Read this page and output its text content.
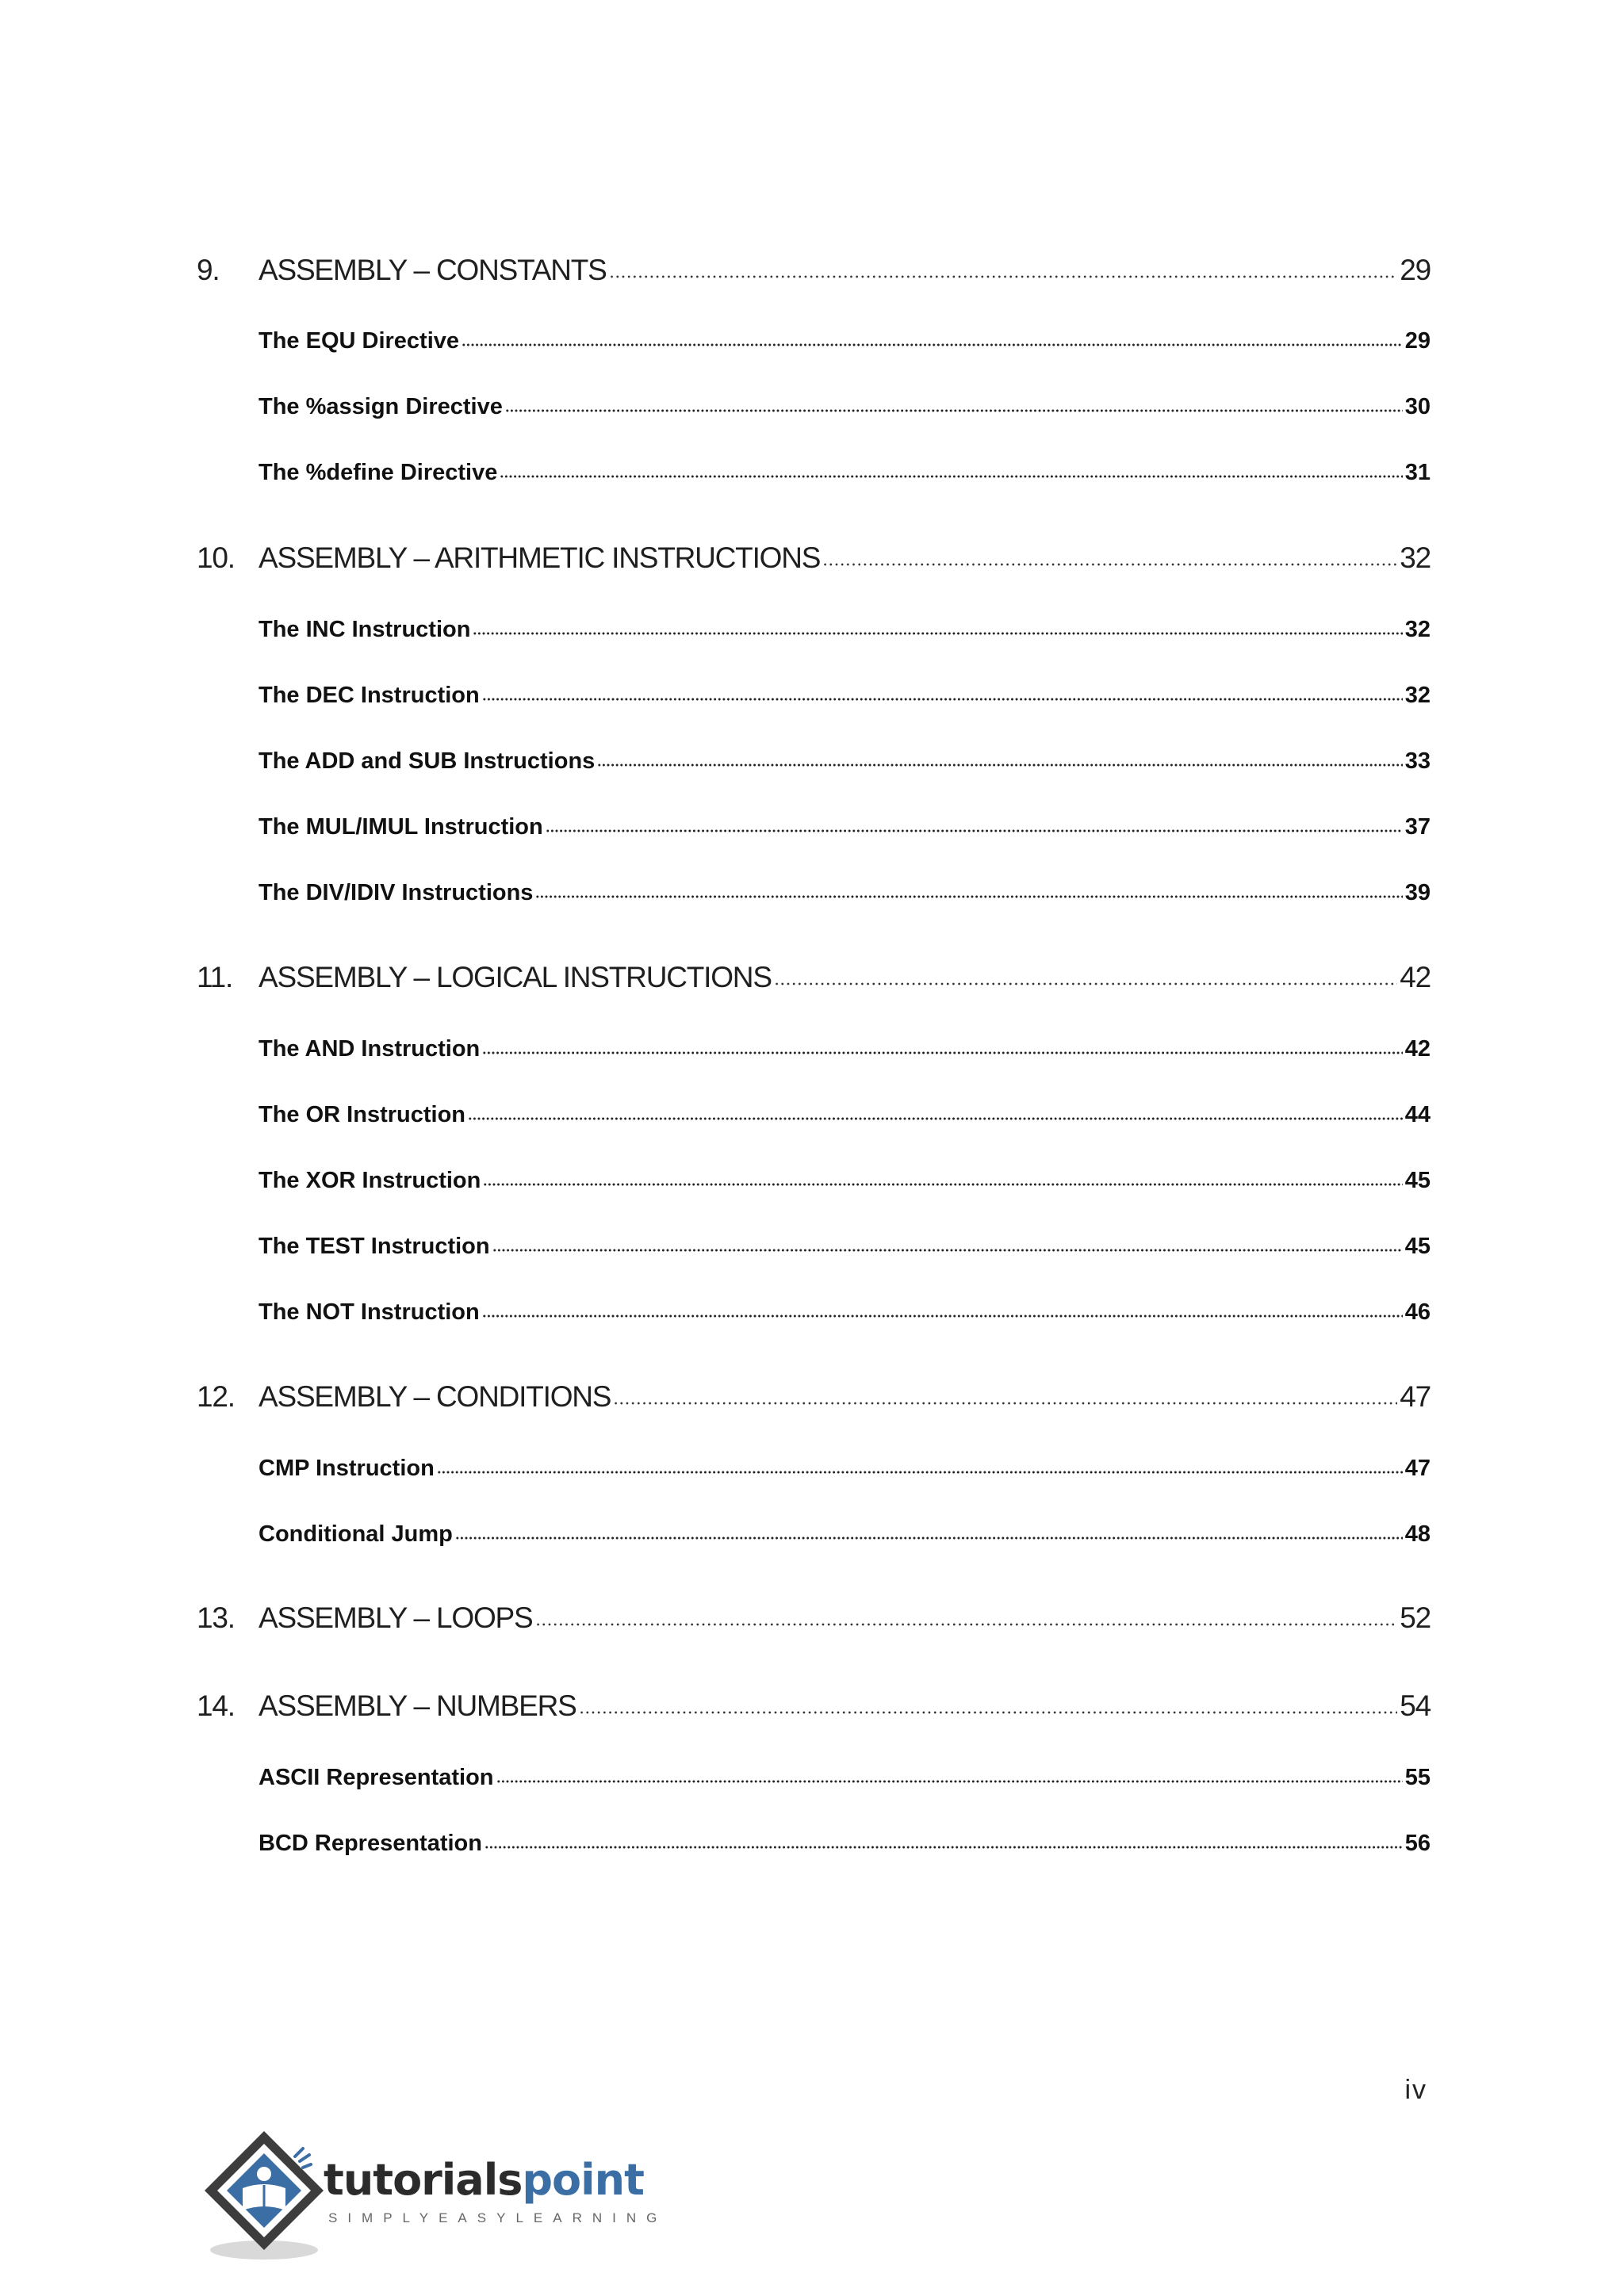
9.	ASSEMBLY – CONSTANTS	29
The EQU Directive	29
The %assign Directive	30
The %define Directive	31
10. ASSEMBLY – ARITHMETIC INSTRUCTIONS	32
The INC Instruction	32
The DEC Instruction	32
The ADD and SUB Instructions	33
The MUL/IMUL Instruction	37
The DIV/IDIV Instructions	39
11. ASSEMBLY – LOGICAL INSTRUCTIONS	42
The AND Instruction	42
The OR Instruction	44
The XOR Instruction	45
The TEST Instruction	45
The NOT Instruction	46
12. ASSEMBLY – CONDITIONS	47
CMP Instruction	47
Conditional Jump	48
13. ASSEMBLY – LOOPS	52
14. ASSEMBLY – NUMBERS	54
ASCII Representation	55
BCD Representation	56
iv
tutorialspoint
SIMPLYEASYLEARNING
